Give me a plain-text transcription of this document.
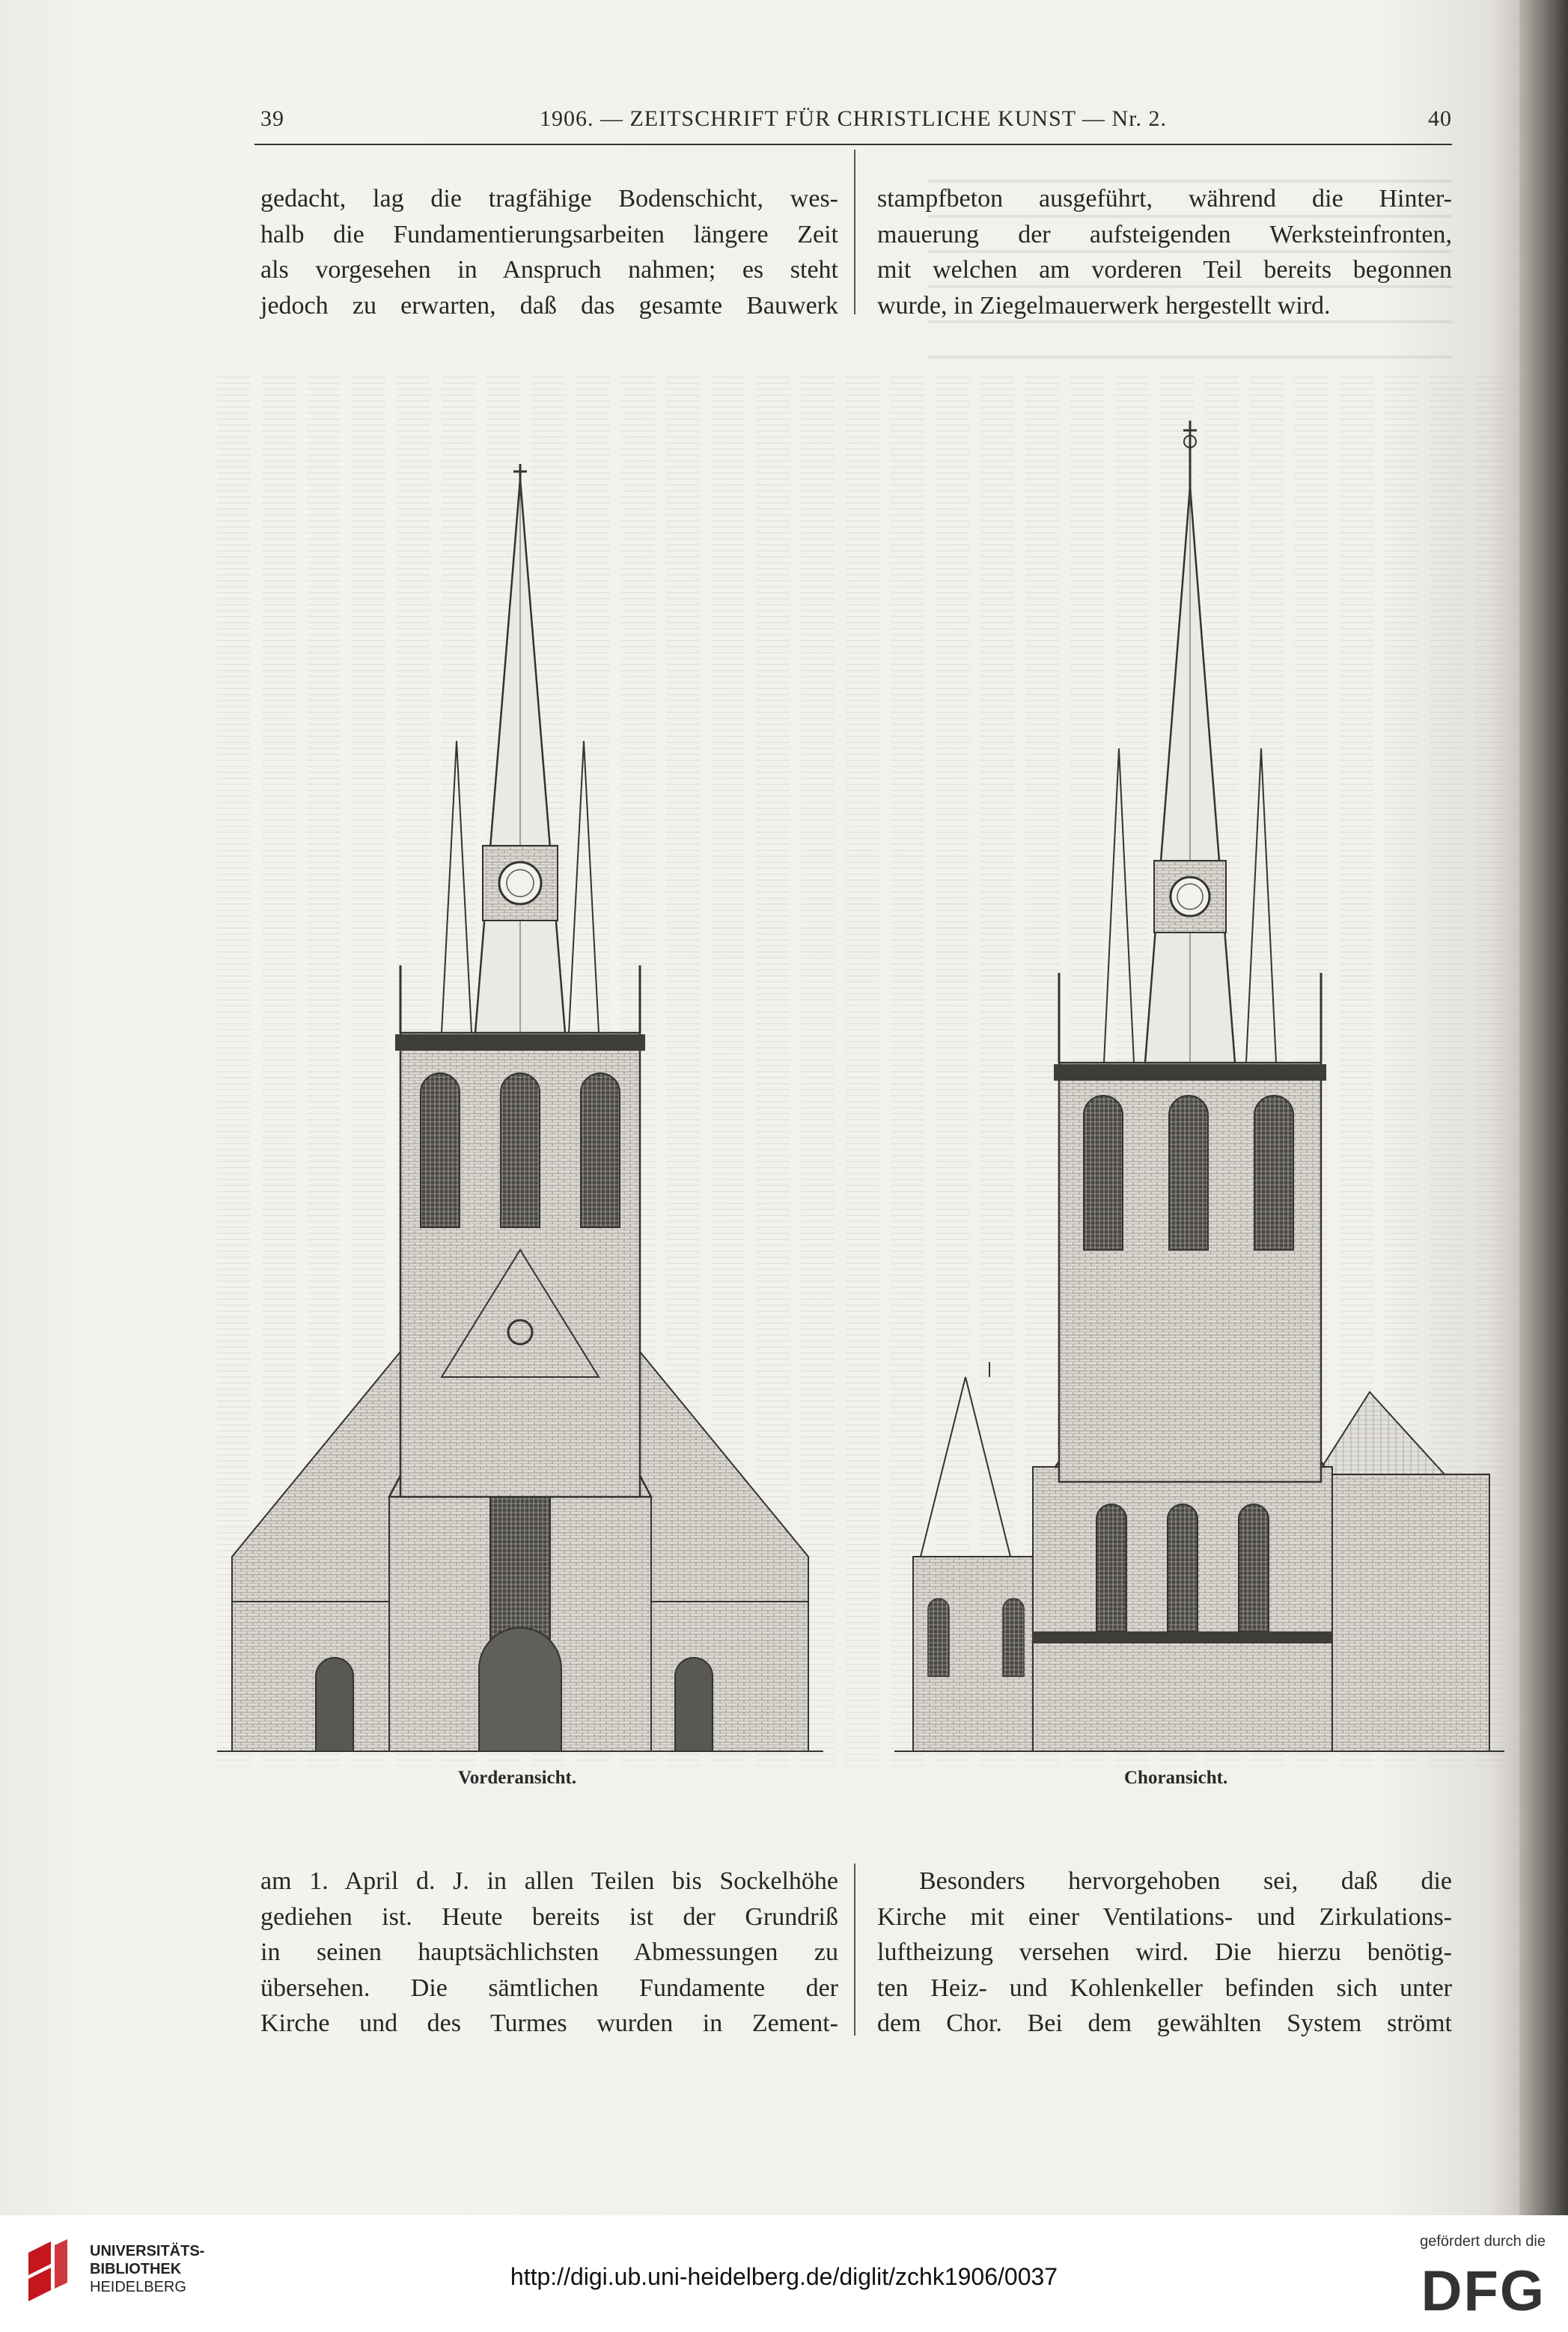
39	1906. — ZEITSCHRIFT FÜR CHRISTLICHE KUNST — Nr. 2.	40
gedacht, lag die tragfähige Bodenschicht, wes-
halb die Fundamentierungsarbeiten längere Zeit
als vorgesehen in Anspruch nahmen; es steht
jedoch zu erwarten, daß das gesamte Bauwerk
stampfbeton ausgeführt, während die Hinter-
mauerung der aufsteigenden Werksteinfronten,
mit welchen am vorderen Teil bereits begonnen
wurde, in Ziegelmauerwerk hergestellt wird.
Vorderansicht.	Choransicht.
am 1. April d. J. in allen Teilen bis Sockelhöhe
gediehen ist. Heute bereits ist der Grundriß
in seinen hauptsächlichsten Abmessungen zu
übersehen. Die sämtlichen Fundamente der
Kirche und des Turmes wurden in Zement-
Besonders hervorgehoben sei, daß die
Kirche mit einer Ventilations- und Zirkulations-
luftheizung versehen wird. Die hierzu benötig-
ten Heiz- und Kohlenkeller befinden sich unter
dem Chor. Bei dem gewählten System strömt
UNIVERSITÄTS-
BIBLIOTHEK
HEIDELBERG	http://digi.ub.uni-heidelberg.de/diglit/zchk1906/0037
gefördert durch die
DFG
